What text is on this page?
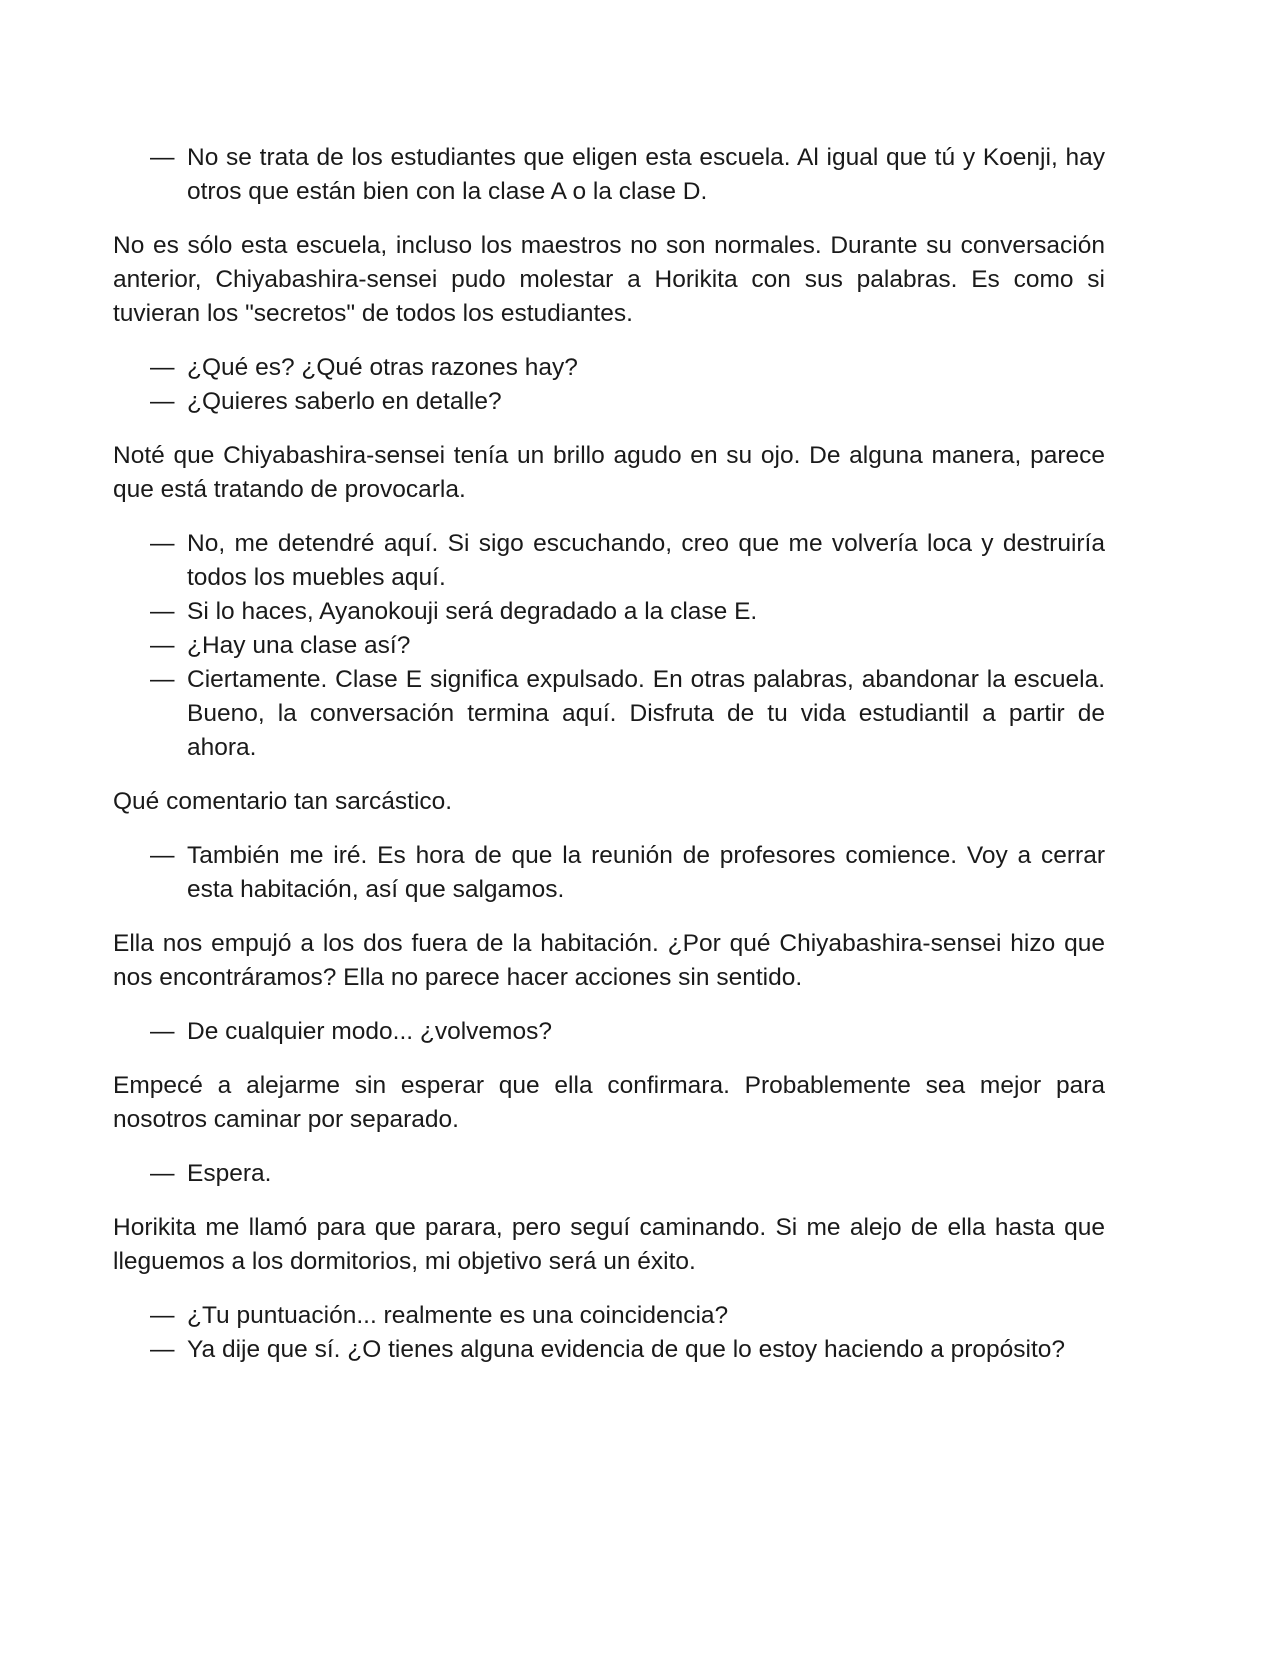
— No se trata de los estudiantes que eligen esta escuela. Al igual que tú y Koenji, hay otros que están bien con la clase A o la clase D.

No es sólo esta escuela, incluso los maestros no son normales. Durante su conversación anterior, Chiyabashira-sensei pudo molestar a Horikita con sus palabras. Es como si tuvieran los "secretos" de todos los estudiantes.

— ¿Qué es? ¿Qué otras razones hay?
— ¿Quieres saberlo en detalle?

Noté que Chiyabashira-sensei tenía un brillo agudo en su ojo. De alguna manera, parece que está tratando de provocarla.

— No, me detendré aquí. Si sigo escuchando, creo que me volvería loca y destruiría todos los muebles aquí.
— Si lo haces, Ayanokouji será degradado a la clase E.
— ¿Hay una clase así?
— Ciertamente. Clase E significa expulsado. En otras palabras, abandonar la escuela. Bueno, la conversación termina aquí. Disfruta de tu vida estudiantil a partir de ahora.

Qué comentario tan sarcástico.

— También me iré. Es hora de que la reunión de profesores comience. Voy a cerrar esta habitación, así que salgamos.

Ella nos empujó a los dos fuera de la habitación. ¿Por qué Chiyabashira-sensei hizo que nos encontráramos? Ella no parece hacer acciones sin sentido.

— De cualquier modo... ¿volvemos?

Empecé a alejarme sin esperar que ella confirmara. Probablemente sea mejor para nosotros caminar por separado.

— Espera.

Horikita me llamó para que parara, pero seguí caminando. Si me alejo de ella hasta que lleguemos a los dormitorios, mi objetivo será un éxito.

— ¿Tu puntuación... realmente es una coincidencia?
— Ya dije que sí. ¿O tienes alguna evidencia de que lo estoy haciendo a propósito?
